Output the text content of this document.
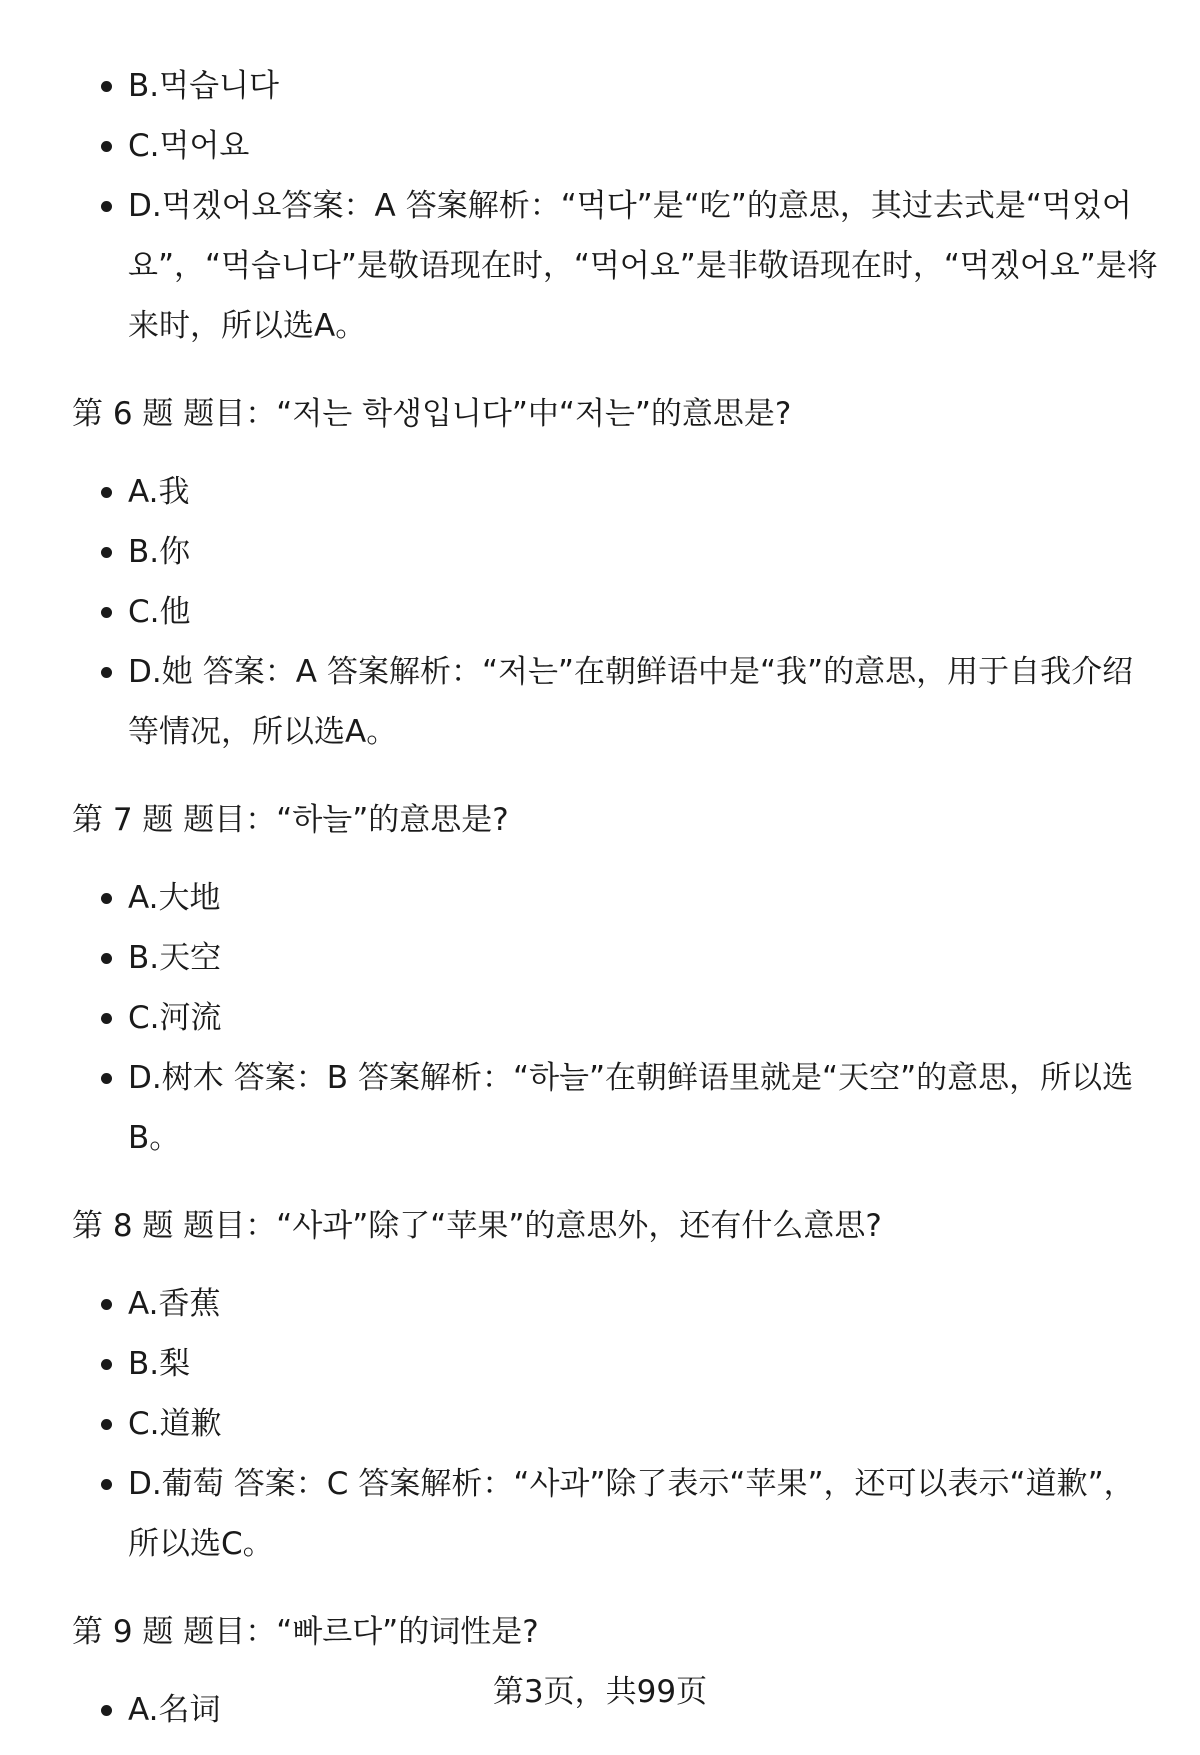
B.먹습니다
C.먹어요
D.먹겠어요答案：A 答案解析：“먹다”是“吃”的意思，其过去式是“먹었어요”，“먹습니다”是敬语现在时，“먹어요”是非敬语现在时，“먹겠어요”是将来时，所以选A。
第 6 题 题目：“저는 학생입니다”中“저는”的意思是?
A.我
B.你
C.他
D.她 答案：A 答案解析：“저는”在朝鲜语中是“我”的意思，用于自我介绍等情况，所以选A。
第 7 题 题目：“하늘”的意思是?
A.大地
B.天空
C.河流
D.树木 答案：B 答案解析：“하늘”在朝鲜语里就是“天空”的意思，所以选B。
第 8 题 题目：“사과”除了“苹果”的意思外，还有什么意思?
A.香蕉
B.梨
C.道歉
D.葡萄 答案：C 答案解析：“사과”除了表示“苹果”，还可以表示“道歉”，所以选C。
第 9 题 题目：“빠르다”的词性是?
A.名词	第3页，共99页
